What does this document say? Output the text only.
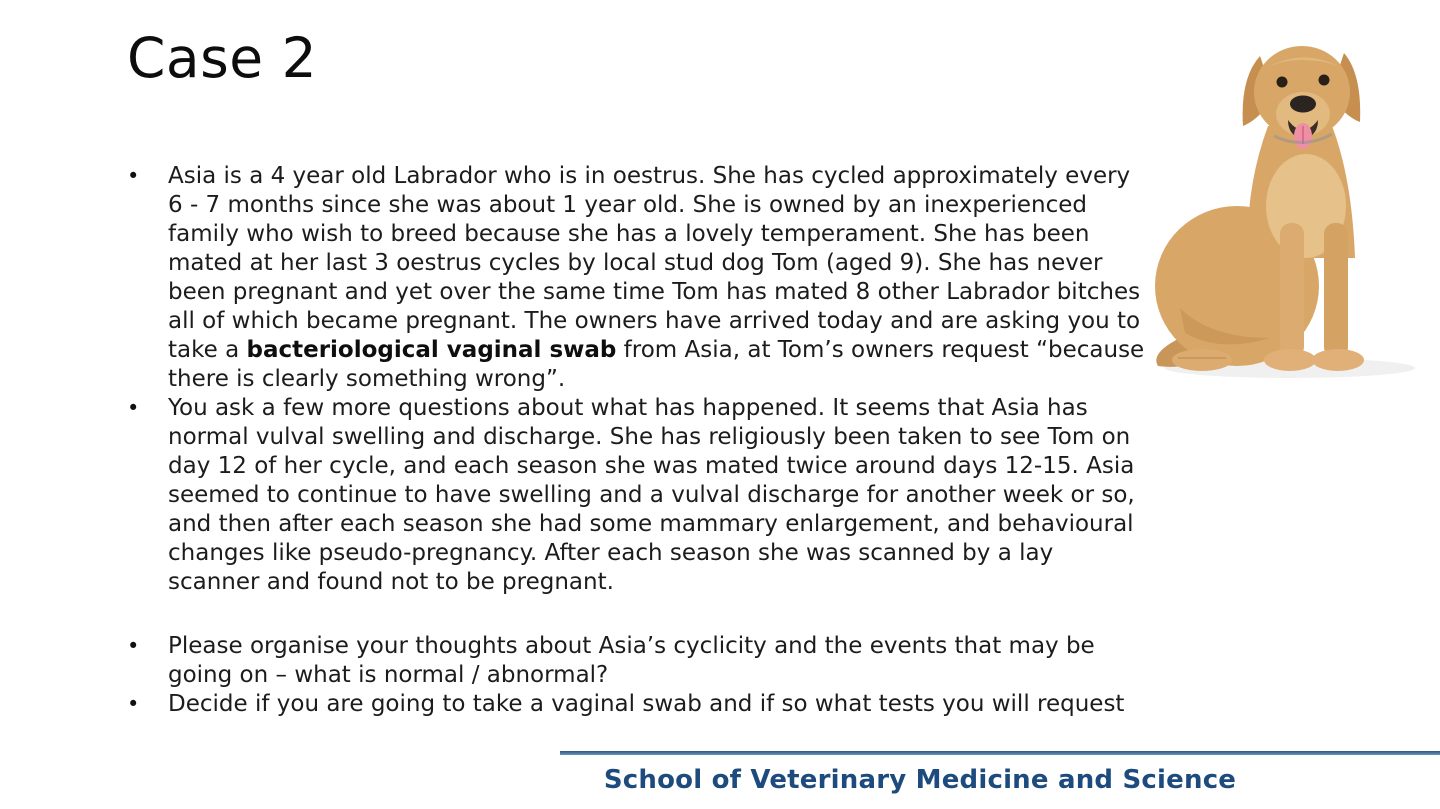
Case 2
•	Asia is a 4 year old Labrador who is in oestrus. She has cycled approximately every 6 - 7 months since she was about 1 year old. She is owned by an inexperienced family who wish to breed because she has a lovely temperament. She has been mated at her last 3 oestrus cycles by local stud dog Tom (aged 9). She has never been pregnant and yet over the same time Tom has mated 8 other Labrador bitches all of which became pregnant. The owners have arrived today and are asking you to take a bacteriological vaginal swab from Asia, at Tom’s owners request “because there is clearly something wrong”.
•	You ask a few more questions about what has happened. It seems that Asia has normal vulval swelling and discharge. She has religiously been taken to see Tom on day 12 of her cycle, and each season she was mated twice around days 12-15. Asia seemed to continue to have swelling and a vulval discharge for another week or so, and then after each season she had some mammary enlargement, and behavioural changes like pseudo-pregnancy. After each season she was scanned by a lay scanner and found not to be pregnant.
•	Please organise your thoughts about Asia’s cyclicity and the events that may be going on – what is normal / abnormal?
•	Decide if you are going to take a vaginal swab and if so what tests you will request
School of Veterinary Medicine and Science
